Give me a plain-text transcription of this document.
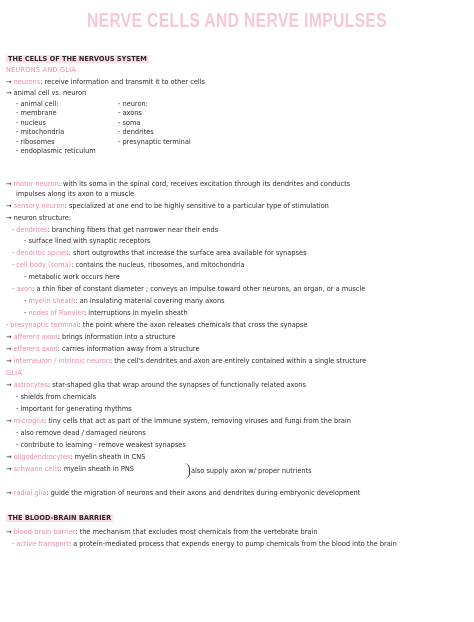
NERVE CELLS AND NERVE IMPULSES
THE CELLS OF THE NERVOUS SYSTEM
NEURONS AND GLIA
→ neurons: receive information and transmit it to other cells
→ animal cell vs. neuron
- animal cell:
- membrane
- nucleus
- mitochondria
- ribosomes
- endoplasmic reticulum
- neuron:
- axons
- soma
- dendrites
- presynaptic terminal
→ motor neuron: with its soma in the spinal cord, receives excitation through its dendrites and conducts
impulses along its axon to a muscle
→ sensory neuron: specialized at one end to be highly sensitive to a particular type of stimulation
→ neuron structure:
· dendrites: branching fibers that get narrower near their ends
- surface lined with synaptic receptors
· dendritic spines: short outgrowths that increase the surface area available for synapses
· cell body (soma): contains the nucleus, ribosomes, and mitochondria
- metabolic work occurs here
· axon: a thin fiber of constant diameter ; conveys an impulse toward other neurons, an organ, or a muscle
- myelin sheath: an insulating material covering many axons
- nodes of Ranvier: interruptions in myelin sheath
· presynaptic terminal: the point where the axon releases chemicals that cross the synapse
→ afferent axon: brings information into a structure
→ efferent axon: carries information away from a structure
→ interneuron / intrinsic neuron: the cell's dendrites and axon are entirely contained within a single structure
GLIA
→ astrocytes: star-shaped glia that wrap around the synapses of functionally related axons
- shields from chemicals
- important for generating rhythms
→ microglia: tiny cells that act as part of the immune system, removing viruses and fungi from the brain
- also remove dead / damaged neurons
- contribute to learning - remove weakest synapses
→ oligodendrocytes: myelin sheath in CNS
→ schwann cells: myelin sheath in PNS	also supply axon w/ proper nutrients
→ radial glia: guide the migration of neurons and their axons and dendrites during embryonic development
THE BLOOD-BRAIN BARRIER
→ blood-brain barrier: the mechanism that excludes most chemicals from the vertebrate brain
· active transport: a protein-mediated process that expends energy to pump chemicals from the blood into the brain
